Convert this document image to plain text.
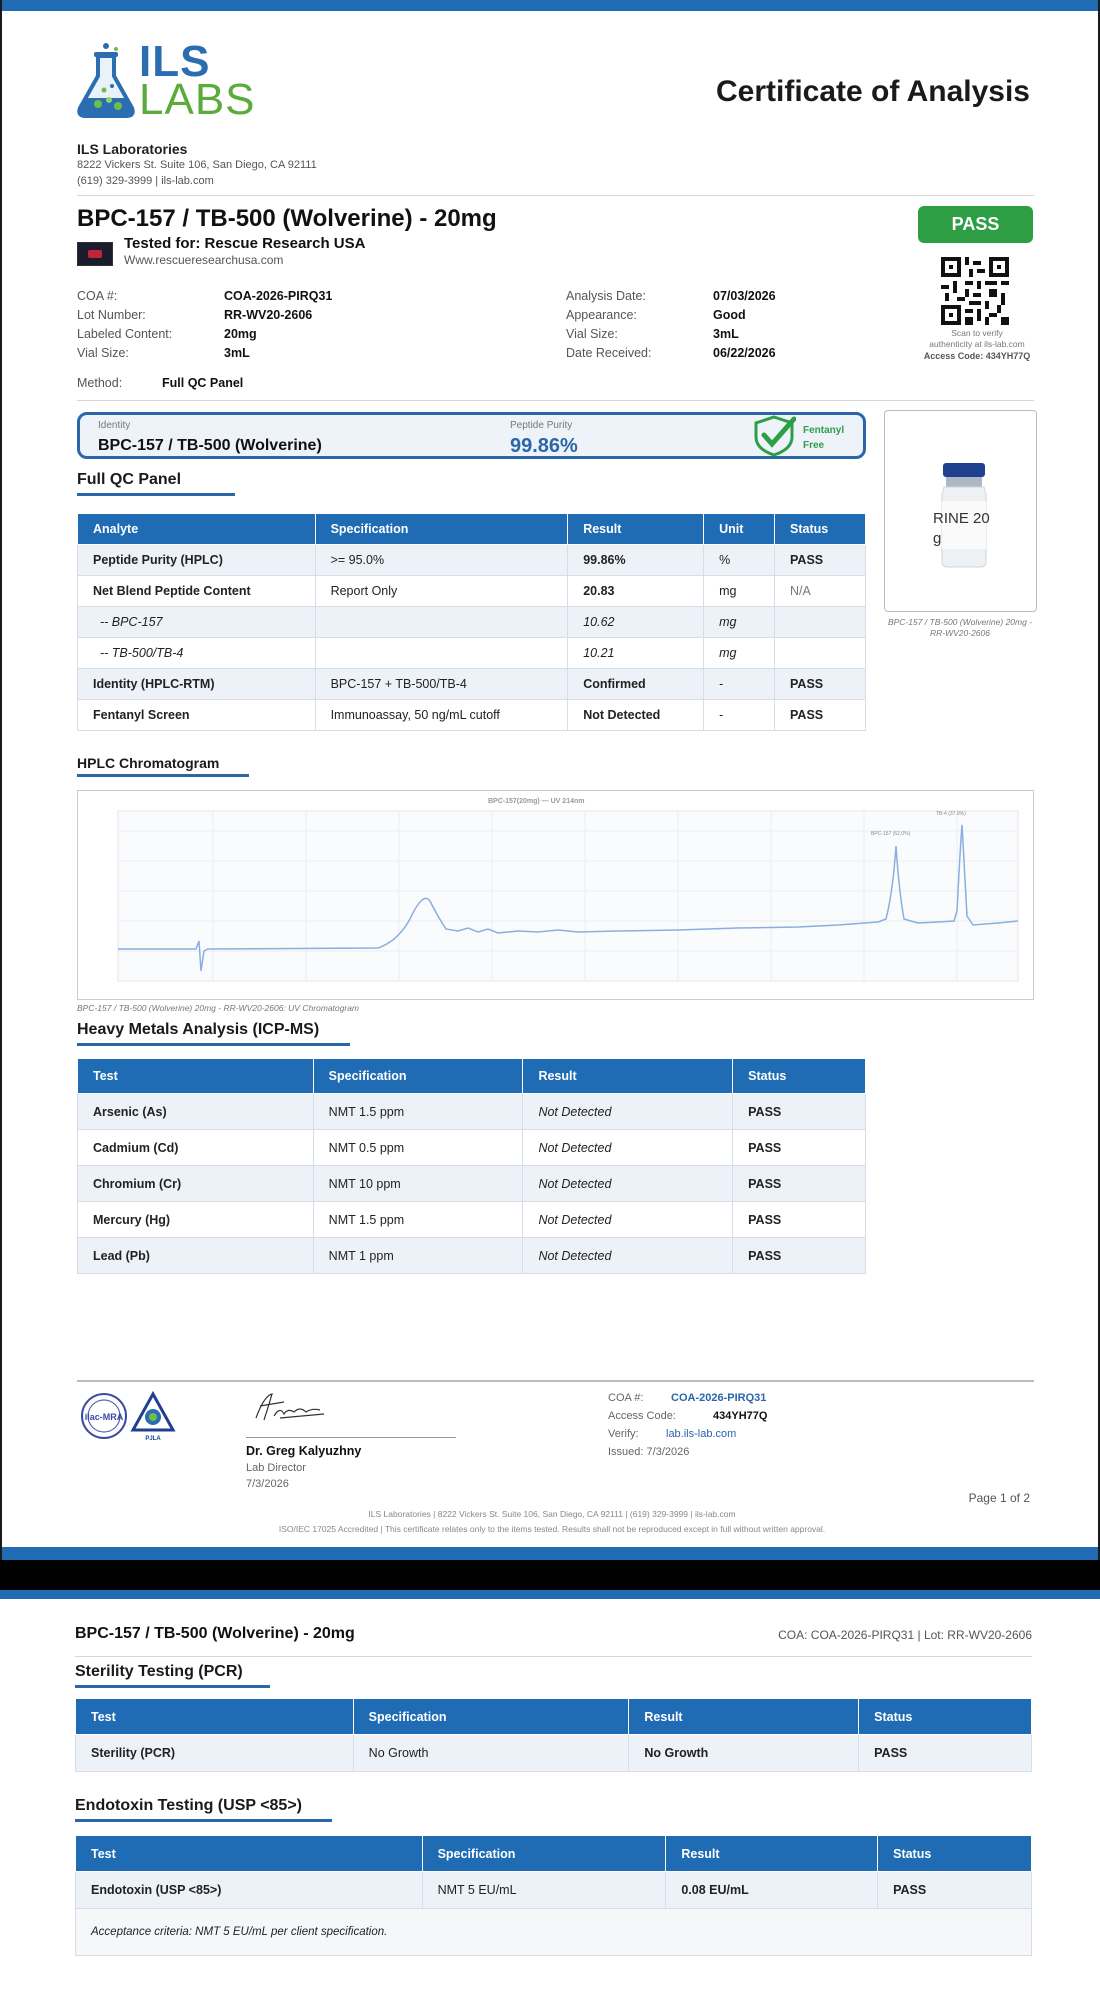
ILS
LABS	Certificate of Analysis
ILS Laboratories
8222 Vickers St. Suite 106, San Diego, CA 92111
(619) 329-3999 | ils-lab.com
BPC-157 / TB-500 (Wolverine) - 20mg
Tested for: Rescue Research USA
Www.rescueresearchusa.com
PASS
Scan to verify
authenticity at ils-lab.com
Access Code: 434YH77Q
COA #:	COA-2026-PIRQ31
Lot Number:	RR-WV20-2606
Labeled Content:	20mg
Vial Size:	3mL
Analysis Date:	07/03/2026
Appearance:	Good
Vial Size:	3mL
Date Received:	06/22/2026
Method:	Full QC Panel
Identity
BPC-157 / TB-500 (Wolverine)
Peptide Purity
99.86%
Fentanyl
Free
RINE 20
g
BPC-157 / TB-500 (Wolverine) 20mg -
RR-WV20-2606
Full QC Panel
Analyte	Specification	Result	Unit	Status
Peptide Purity (HPLC)	>= 95.0%	99.86%	%	PASS
Net Blend Peptide Content	Report Only	20.83	mg	N/A
-- BPC-157		10.62	mg	
-- TB-500/TB-4		10.21	mg	
Identity (HPLC-RTM)	BPC-157 + TB-500/TB-4	Confirmed	-	PASS
Fentanyl Screen	Immunoassay, 50 ng/mL cutoff	Not Detected	-	PASS
HPLC Chromatogram
BPC-157(20mg) — UV 214nm
BPC-157 (62.0%)
TB-4 (37.9%)
BPC-157 / TB-500 (Wolverine) 20mg - RR-WV20-2606: UV Chromatogram
Heavy Metals Analysis (ICP-MS)
Test	Specification	Result	Status
Arsenic (As)	NMT 1.5 ppm	Not Detected	PASS
Cadmium (Cd)	NMT 0.5 ppm	Not Detected	PASS
Chromium (Cr)	NMT 10 ppm	Not Detected	PASS
Mercury (Hg)	NMT 1.5 ppm	Not Detected	PASS
Lead (Pb)	NMT 1 ppm	Not Detected	PASS
ilac-MRA
PJLA
Dr. Greg Kalyuzhny
Lab Director
7/3/2026
COA #:	COA-2026-PIRQ31
Access Code:	434YH77Q
Verify: lab.ils-lab.com
Issued: 7/3/2026
Page 1 of 2
ILS Laboratories | 8222 Vickers St. Suite 106, San Diego, CA 92111 | (619) 329-3999 | ils-lab.com
ISO/IEC 17025 Accredited | This certificate relates only to the items tested. Results shall not be reproduced except in full without written approval.
BPC-157 / TB-500 (Wolverine) - 20mg	COA: COA-2026-PIRQ31 | Lot: RR-WV20-2606
Sterility Testing (PCR)
Test	Specification	Result	Status
Sterility (PCR)	No Growth	No Growth	PASS
Endotoxin Testing (USP <85>)
Test	Specification	Result	Status
Endotoxin (USP <85>)	NMT 5 EU/mL	0.08 EU/mL	PASS
Acceptance criteria: NMT 5 EU/mL per client specification.			
